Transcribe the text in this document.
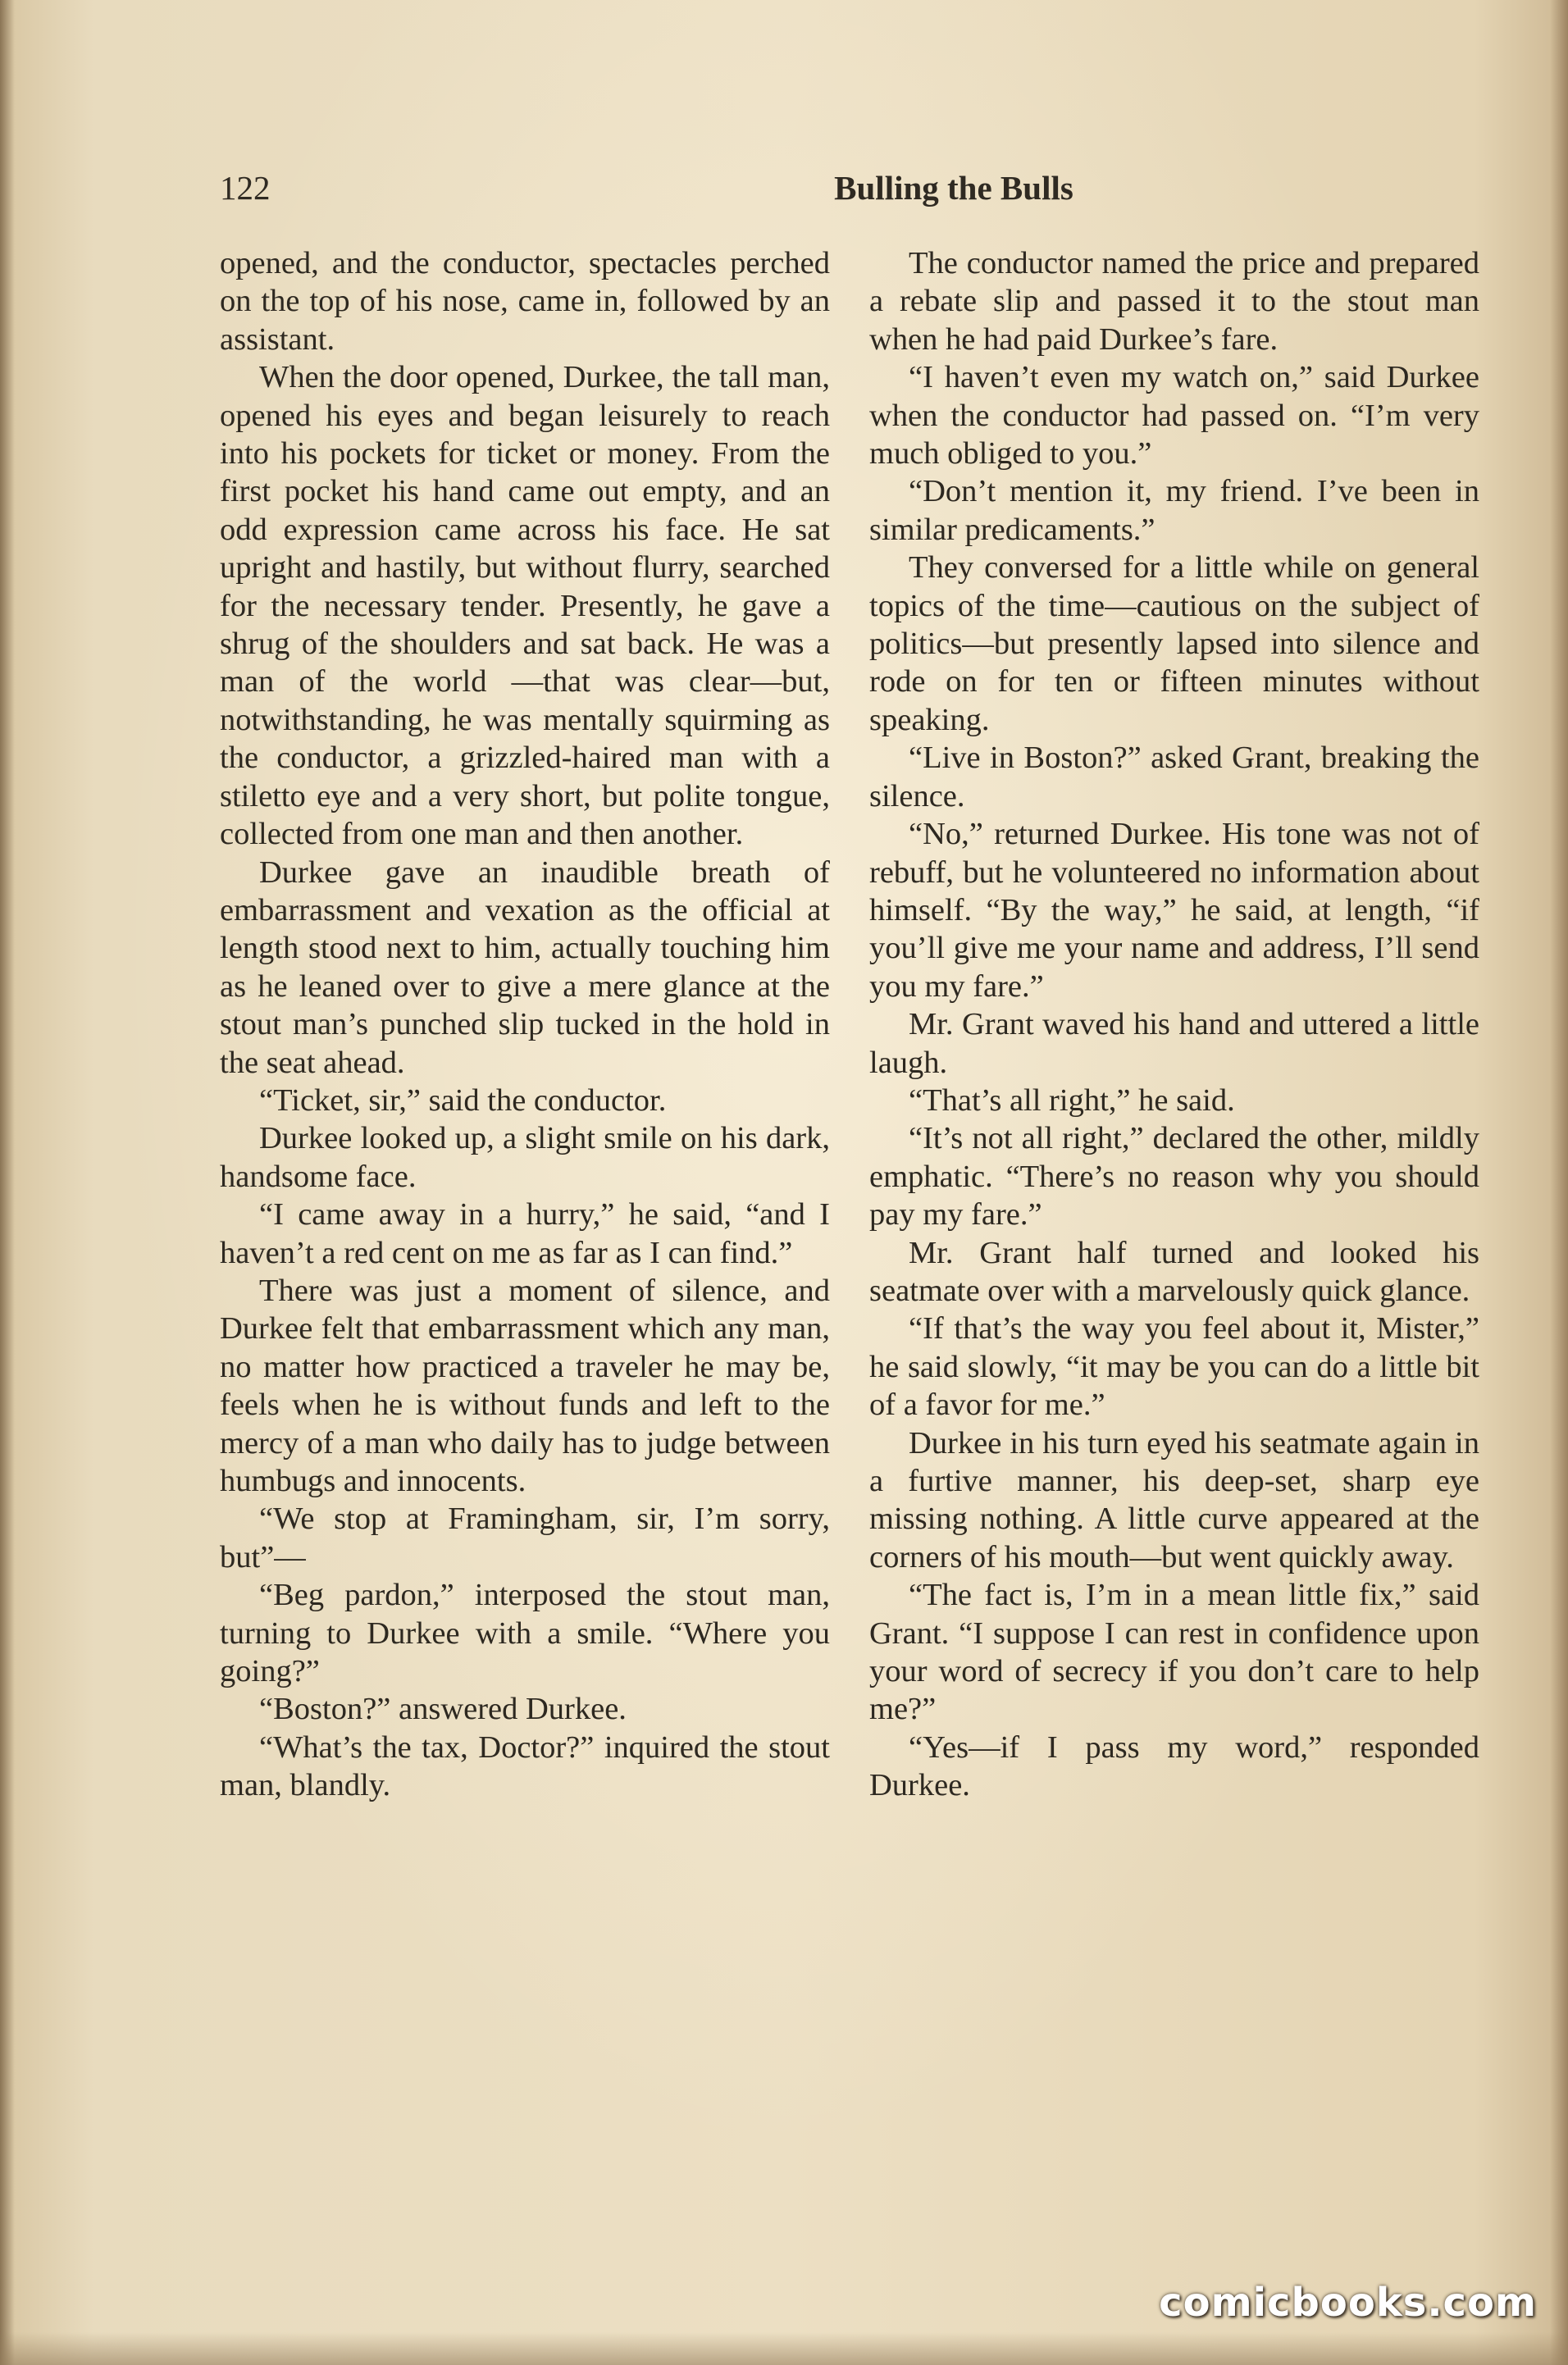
122	Bulling the Bulls

opened, and the conductor, spectacles perched on the top of his nose, came in, followed by an assistant.

When the door opened, Durkee, the tall man, opened his eyes and began leisurely to reach into his pockets for ticket or money. From the first pocket his hand came out empty, and an odd expression came across his face. He sat upright and hastily, but without flurry, searched for the necessary tender. Presently, he gave a shrug of the shoulders and sat back. He was a man of the world —that was clear—but, notwithstanding, he was mentally squirming as the conductor, a grizzled-haired man with a stiletto eye and a very short, but polite tongue, collected from one man and then another.

Durkee gave an inaudible breath of embarrassment and vexation as the official at length stood next to him, actually touching him as he leaned over to give a mere glance at the stout man’s punched slip tucked in the hold in the seat ahead.

“Ticket, sir,” said the conductor.

Durkee looked up, a slight smile on his dark, handsome face.

“I came away in a hurry,” he said, “and I haven’t a red cent on me as far as I can find.”

There was just a moment of silence, and Durkee felt that embarrassment which any man, no matter how practiced a traveler he may be, feels when he is without funds and left to the mercy of a man who daily has to judge between humbugs and innocents.

“We stop at Framingham, sir, I’m sorry, but”—

“Beg pardon,” interposed the stout man, turning to Durkee with a smile. “Where you going?”

“Boston?” answered Durkee.

“What’s the tax, Doctor?” inquired the stout man, blandly.

The conductor named the price and prepared a rebate slip and passed it to the stout man when he had paid Durkee’s fare.

“I haven’t even my watch on,” said Durkee when the conductor had passed on. “I’m very much obliged to you.”

“Don’t mention it, my friend. I’ve been in similar predicaments.”

They conversed for a little while on general topics of the time—cautious on the subject of politics—but presently lapsed into silence and rode on for ten or fifteen minutes without speaking.

“Live in Boston?” asked Grant, breaking the silence.

“No,” returned Durkee. His tone was not of rebuff, but he volunteered no information about himself. “By the way,” he said, at length, “if you’ll give me your name and address, I’ll send you my fare.”

Mr. Grant waved his hand and uttered a little laugh.

“That’s all right,” he said.

“It’s not all right,” declared the other, mildly emphatic. “There’s no reason why you should pay my fare.”

Mr. Grant half turned and looked his seatmate over with a marvelously quick glance.

“If that’s the way you feel about it, Mister,” he said slowly, “it may be you can do a little bit of a favor for me.”

Durkee in his turn eyed his seatmate again in a furtive manner, his deep-set, sharp eye missing nothing. A little curve appeared at the corners of his mouth—but went quickly away.

“The fact is, I’m in a mean little fix,” said Grant. “I suppose I can rest in confidence upon your word of secrecy if you don’t care to help me?”

“Yes—if I pass my word,” responded Durkee.

comicbooks.com
